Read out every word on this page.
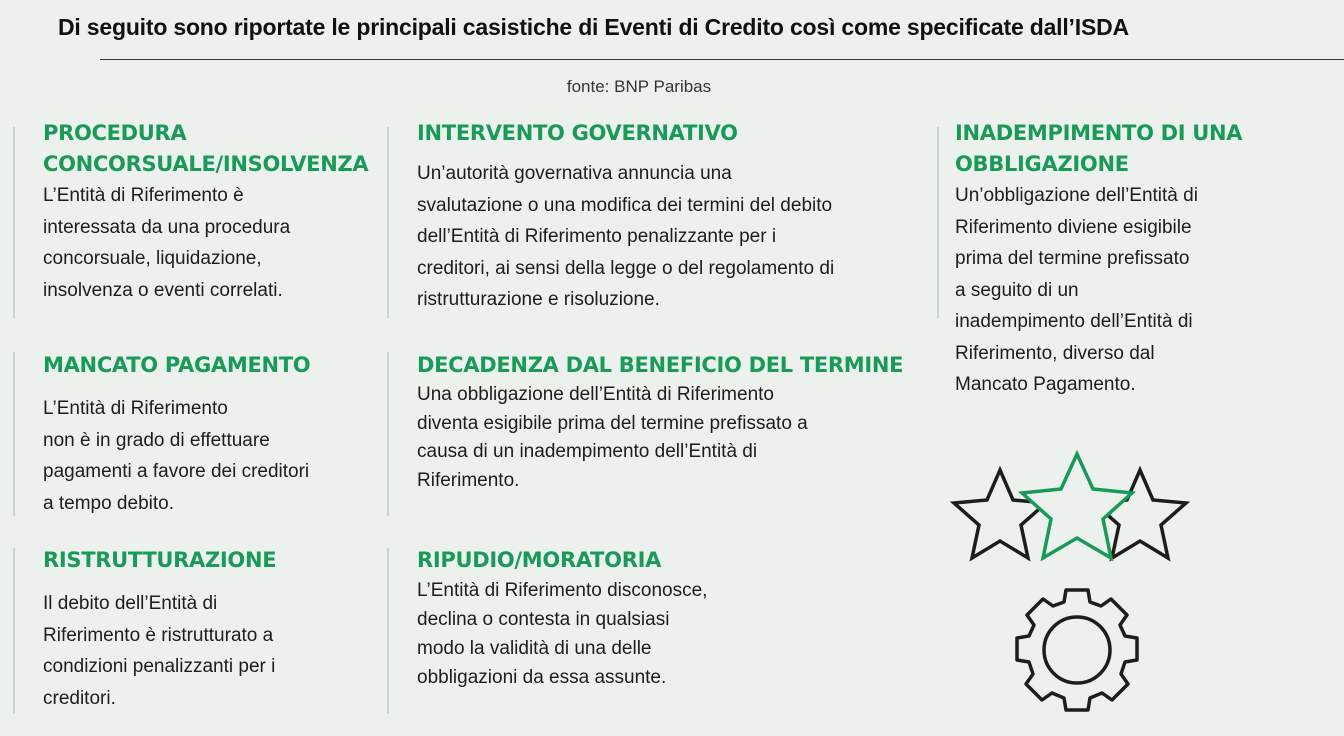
Di seguito sono riportate le principali casistiche di Eventi di Credito così come specificate dall’ISDA
fonte: BNP Paribas
PROCEDURA
CONCORSUALE/INSOLVENZA

L’Entità di Riferimento è
interessata da una procedura
concorsuale, liquidazione,
insolvenza o eventi correlati.

MANCATO PAGAMENTO

L’Entità di Riferimento
non è in grado di effettuare
pagamenti a favore dei creditori
a tempo debito.

RISTRUTTURAZIONE

Il debito dell’Entità di
Riferimento è ristrutturato a
condizioni penalizzanti per i
creditori.

INTERVENTO GOVERNATIVO

Un’autorità governativa annuncia una
svalutazione o una modifica dei termini del debito
dell’Entità di Riferimento penalizzante per i
creditori, ai sensi della legge o del regolamento di
ristrutturazione e risoluzione.

DECADENZA DAL BENEFICIO DEL TERMINE

Una obbligazione dell’Entità di Riferimento
diventa esigibile prima del termine prefissato a
causa di un inadempimento dell’Entità di
Riferimento.

RIPUDIO/MORATORIA

L’Entità di Riferimento disconosce,
declina o contesta in qualsiasi
modo la validità di una delle
obbligazioni da essa assunte.

INADEMPIMENTO DI UNA
OBBLIGAZIONE

Un’obbligazione dell’Entità di
Riferimento diviene esigibile
prima del termine prefissato
a seguito di un
inadempimento dell’Entità di
Riferimento, diverso dal
Mancato Pagamento.
